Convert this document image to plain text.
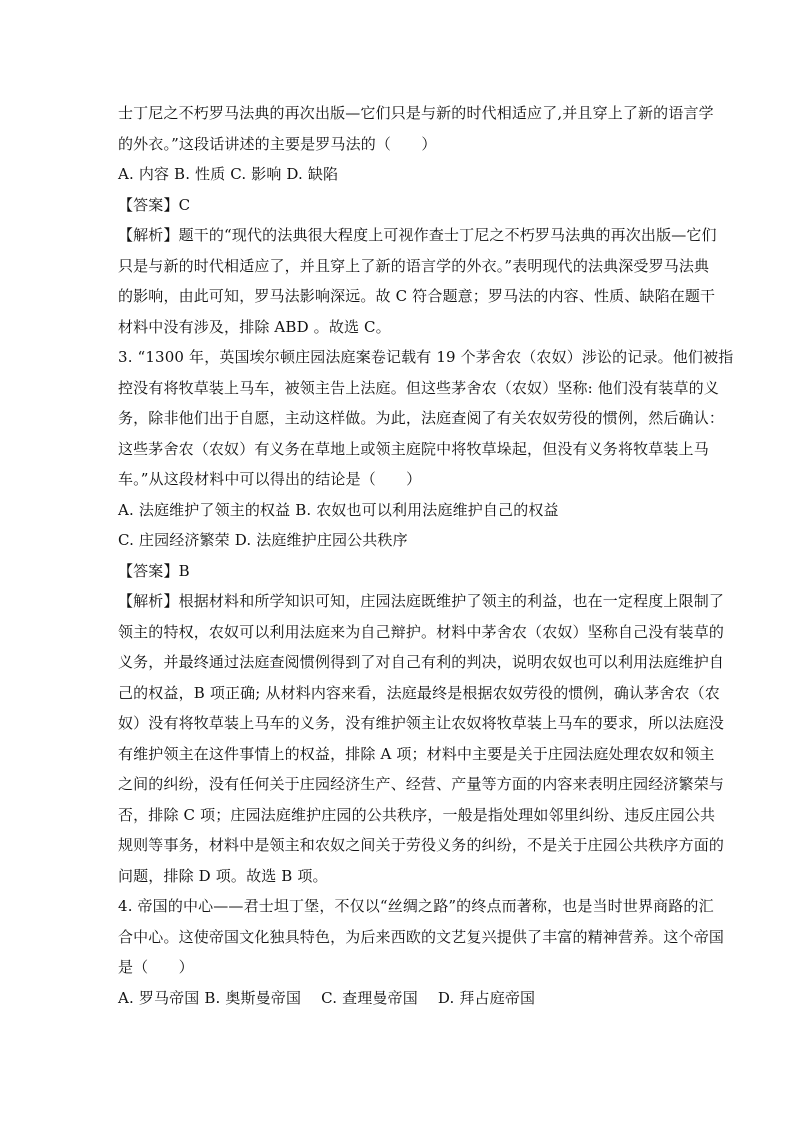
士丁尼之不朽罗马法典的再次出版—它们只是与新的时代相适应了,并且穿上了新的语言学
的外衣。”这段话讲述的主要是罗马法的（　　）
A. 内容 B. 性质 C. 影响 D. 缺陷
【答案】C
【解析】题干的“现代的法典很大程度上可视作查士丁尼之不朽罗马法典的再次出版—它们
只是与新的时代相适应了，并且穿上了新的语言学的外衣。”表明现代的法典深受罗马法典
的影响，由此可知，罗马法影响深远。故 C 符合题意；罗马法的内容、性质、缺陷在题干
材料中没有涉及，排除 ABD 。故选 C。
3. “1300 年，英国埃尔顿庄园法庭案卷记载有 19 个茅舍农（农奴）涉讼的记录。他们被指
控没有将牧草装上马车，被领主告上法庭。但这些茅舍农（农奴）坚称: 他们没有装草的义
务，除非他们出于自愿，主动这样做。为此，法庭查阅了有关农奴劳役的惯例，然后确认：
这些茅舍农（农奴）有义务在草地上或领主庭院中将牧草垛起，但没有义务将牧草装上马
车。”从这段材料中可以得出的结论是（　　）
A. 法庭维护了领主的权益 B. 农奴也可以利用法庭维护自己的权益
C. 庄园经济繁荣 D. 法庭维护庄园公共秩序
【答案】B
【解析】根据材料和所学知识可知，庄园法庭既维护了领主的利益，也在一定程度上限制了
领主的特权，农奴可以利用法庭来为自己辩护。材料中茅舍农（农奴）坚称自己没有装草的
义务，并最终通过法庭查阅惯例得到了对自己有利的判决，说明农奴也可以利用法庭维护自
己的权益，B 项正确; 从材料内容来看，法庭最终是根据农奴劳役的惯例，确认茅舍农（农
奴）没有将牧草装上马车的义务，没有维护领主让农奴将牧草装上马车的要求，所以法庭没
有维护领主在这件事情上的权益，排除 A 项；材料中主要是关于庄园法庭处理农奴和领主
之间的纠纷，没有任何关于庄园经济生产、经营、产量等方面的内容来表明庄园经济繁荣与
否，排除 C 项；庄园法庭维护庄园的公共秩序，一般是指处理如邻里纠纷、违反庄园公共
规则等事务，材料中是领主和农奴之间关于劳役义务的纠纷，不是关于庄园公共秩序方面的
问题，排除 D 项。故选 B 项。
4. 帝国的中心——君士坦丁堡，不仅以“丝绸之路”的终点而著称，也是当时世界商路的汇
合中心。这使帝国文化独具特色，为后来西欧的文艺复兴提供了丰富的精神营养。这个帝国
是（　　）
A. 罗马帝国 B. 奥斯曼帝国　 C. 查理曼帝国　 D. 拜占庭帝国
